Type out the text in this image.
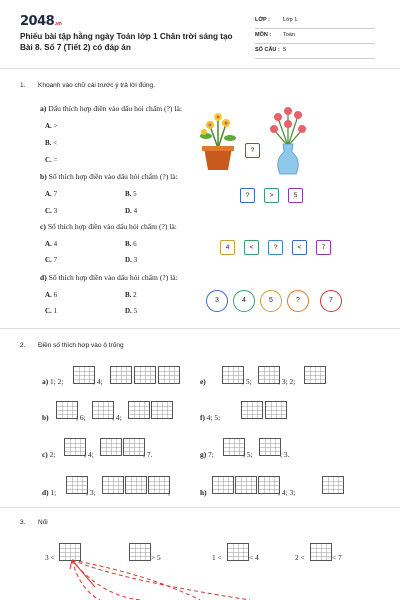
2048.vn
Phiếu bài tập hằng ngày Toán lớp 1 Chân trời sáng tạo Bài 8. Số 7 (Tiết 2) có đáp án
LỚP : Lớp 1
MÔN : Toán
SỐ CÂU : 5
1. Khoanh vào chữ cái trước ý trả lời đúng.
a) Dấu thích hợp điền vào dấu hỏi chấm (?) là:
A. >
B. <
C. =
?
b) Số thích hợp điền vào dấu hỏi chấm (?) là:
A. 7	B. 5
C. 3	D. 4
?	>	5
c) Số thích hợp điền vào dấu hỏi chấm (?) là:
A. 4	B. 6
C. 7	D. 3
4	<	?	<	7
d) Số thích hợp điền vào dấu hỏi chấm (?) là:
A. 6	B. 2
C. 1	D. 5
3	4	5	?	7
2. Điền số thích hợp vào ô trống
a) 1; 2;	; 4;	e)	; 5;	; 3; 2;
b)	; 6;	; 4;	f) 4; 5;
c) 2;	; 4;	; 7.	g) 7;	; 5;	; 3.
d) 1;	; 3;	;	h)	; 4; 3;
3. Nối
3 <	> 5	1 <	< 4	2 <	< 7
